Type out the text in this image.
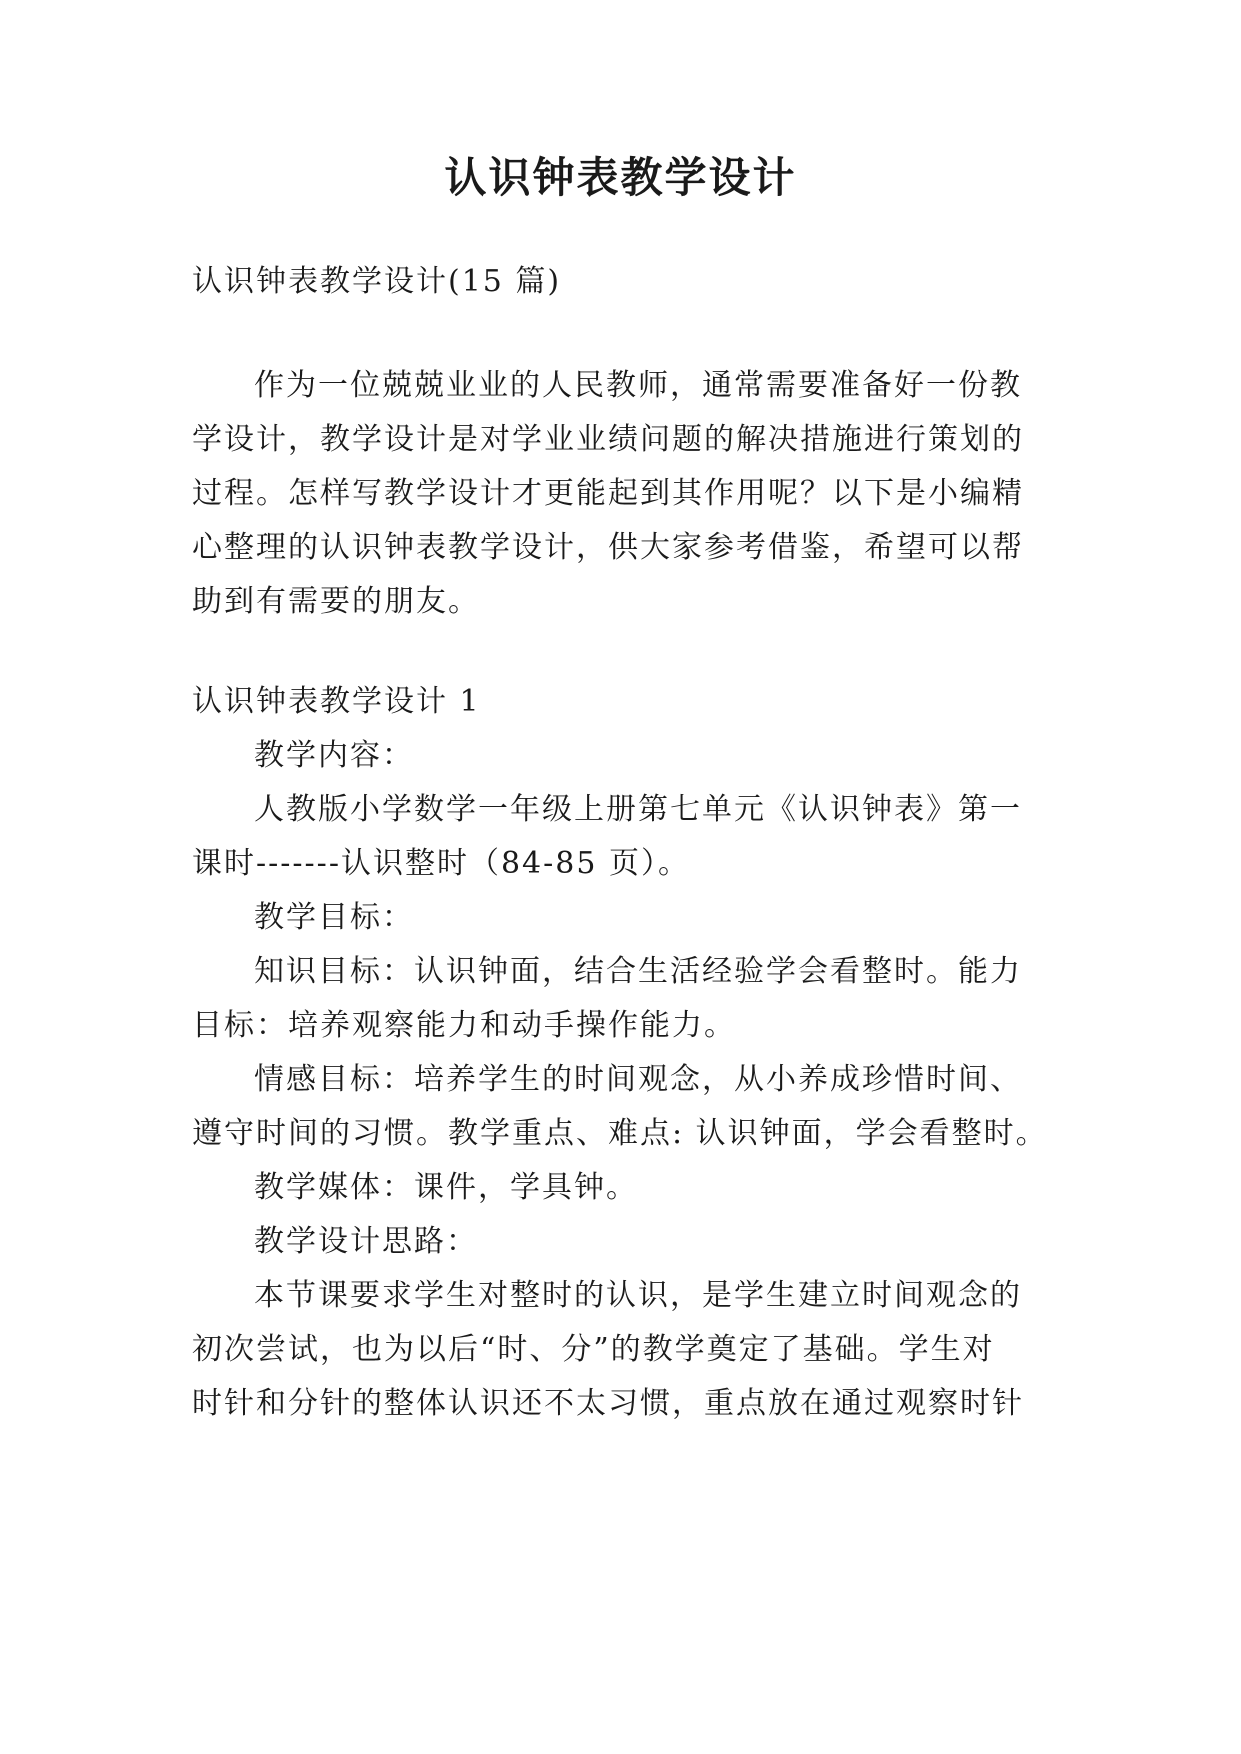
认识钟表教学设计
认识钟表教学设计(15 篇)
作为一位兢兢业业的人民教师，通常需要准备好一份教
学设计，教学设计是对学业业绩问题的解决措施进行策划的
过程。怎样写教学设计才更能起到其作用呢？以下是小编精
心整理的认识钟表教学设计，供大家参考借鉴，希望可以帮
助到有需要的朋友。
认识钟表教学设计 1
教学内容：
人教版小学数学一年级上册第七单元《认识钟表》第一
课时-------认识整时（84-85 页）。
教学目标：
知识目标：认识钟面，结合生活经验学会看整时。能力
目标：培养观察能力和动手操作能力。
情感目标：培养学生的时间观念，从小养成珍惜时间、
遵守时间的习惯。教学重点、难点: 认识钟面，学会看整时。
教学媒体：课件，学具钟。
教学设计思路：
本节课要求学生对整时的认识，是学生建立时间观念的
初次尝试，也为以后“时、分”的教学奠定了基础。学生对
时针和分针的整体认识还不太习惯，重点放在通过观察时针
